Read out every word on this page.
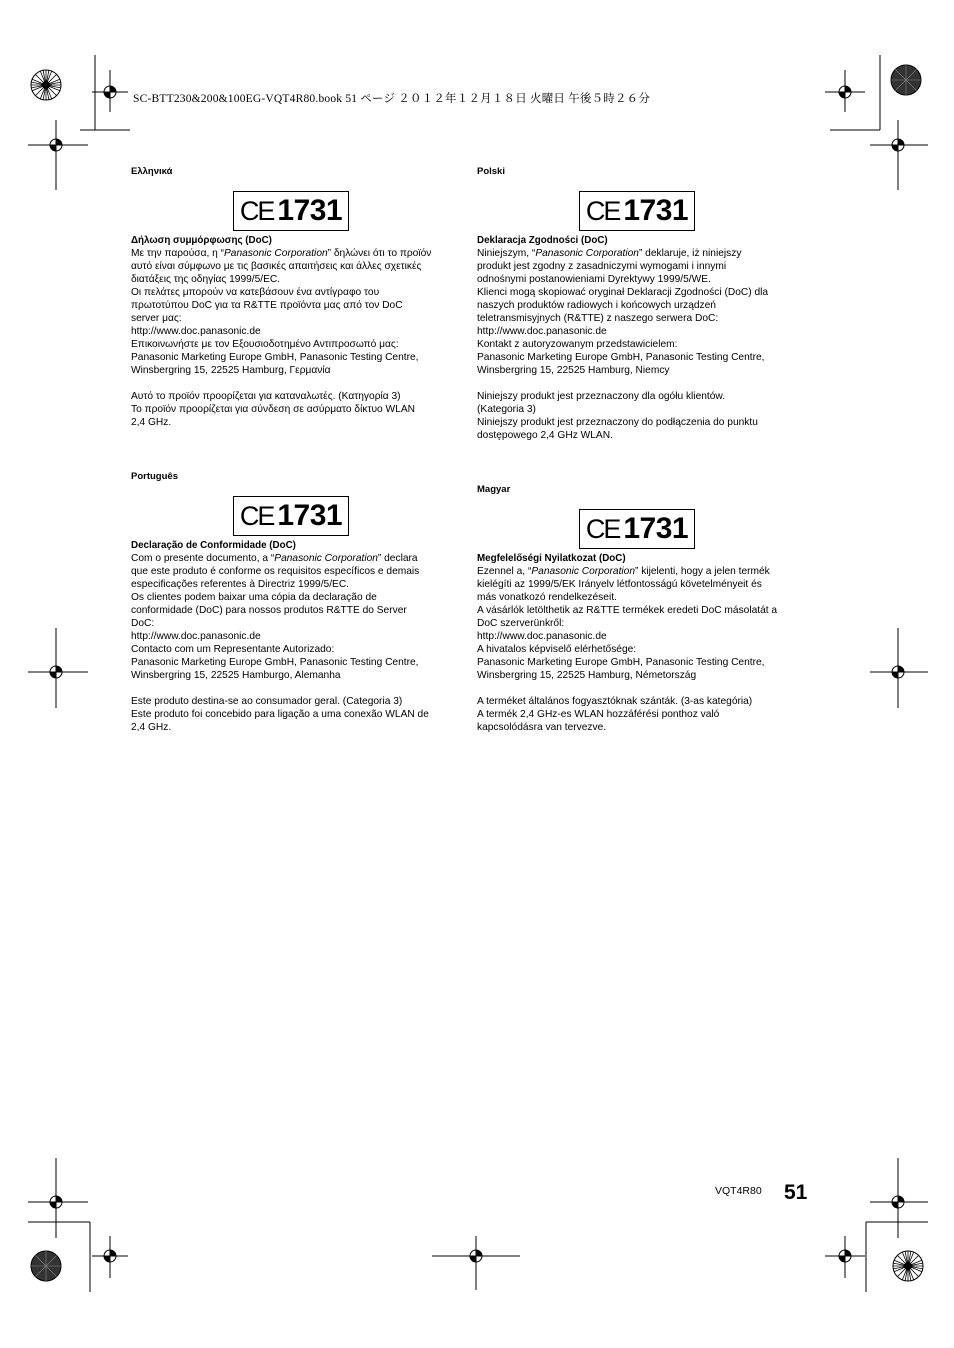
SC-BTT230&200&100EG-VQT4R80.book 51 ページ ２０１２年１２月１８日 火曜日 午後５時２６分

Ελληνικά

CE 1731
Δήλωση συμμόρφωσης (DoC)
Με την παρούσα, η “Panasonic Corporation” δηλώνει ότι το προϊόν
αυτό είναι σύμφωνο με τις βασικές απαιτήσεις και άλλες σχετικές
διατάξεις της οδηγίας 1999/5/EC.
Οι πελάτες μπορούν να κατεβάσουν ένα αντίγραφο του
πρωτοτύπου DoC για τα R&TTE προϊόντα μας από τον DoC
server μας:
http://www.doc.panasonic.de
Επικοινωνήστε με τον Εξουσιοδοτημένο Αντιπροσωπό μας:
Panasonic Marketing Europe GmbH, Panasonic Testing Centre,
Winsbergring 15, 22525 Hamburg, Γερμανία
Αυτό το προϊόν προορίζεται για καταναλωτές. (Κατηγορία 3)
Το προϊόν προορίζεται για σύνδεση σε ασύρματο δίκτυο WLAN
2,4 GHz.

Polski

CE 1731
Deklaracja Zgodności (DoC)
Niniejszym, “Panasonic Corporation” deklaruje, iż niniejszy
produkt jest zgodny z zasadniczymi wymogami i innymi
odnośnymi postanowieniami Dyrektywy 1999/5/WE.
Klienci mogą skopiować oryginał Deklaracji Zgodności (DoC) dla
naszych produktów radiowych i końcowych urządzeń
teletransmisyjnych (R&TTE) z naszego serwera DoC:
http://www.doc.panasonic.de
Kontakt z autoryzowanym przedstawicielem:
Panasonic Marketing Europe GmbH, Panasonic Testing Centre,
Winsbergring 15, 22525 Hamburg, Niemcy
Niniejszy produkt jest przeznaczony dla ogółu klientów.
(Kategoria 3)
Niniejszy produkt jest przeznaczony do podłączenia do punktu
dostępowego 2,4 GHz WLAN.

Português

CE 1731
Declaração de Conformidade (DoC)
Com o presente documento, a “Panasonic Corporation” declara
que este produto é conforme os requisitos específicos e demais
especificações referentes à Directriz 1999/5/EC.
Os clientes podem baixar uma cópia da declaração de
conformidade (DoC) para nossos produtos R&TTE do Server
DoC:
http://www.doc.panasonic.de
Contacto com um Representante Autorizado:
Panasonic Marketing Europe GmbH, Panasonic Testing Centre,
Winsbergring 15, 22525 Hamburgo, Alemanha
Este produto destina-se ao consumador geral. (Categoria 3)
Este produto foi concebido para ligação a uma conexão WLAN de
2,4 GHz.

Magyar

CE 1731
Megfelelőségi Nyilatkozat (DoC)
Ezennel a, “Panasonic Corporation” kijelenti, hogy a jelen termék
kielégíti az 1999/5/EK Irányelv létfontosságú követelményeit és
más vonatkozó rendelkezéseit.
A vásárlók letölthetik az R&TTE termékek eredeti DoC másolatát a
DoC szerverünkről:
http://www.doc.panasonic.de
A hivatalos képviselő elérhetősége:
Panasonic Marketing Europe GmbH, Panasonic Testing Centre,
Winsbergring 15, 22525 Hamburg, Németország
A terméket általános fogyasztóknak szánták. (3-as kategória)
A termék 2,4 GHz-es WLAN hozzáférési ponthoz való
kapcsolódásra van tervezve.
VQT4R80 51
